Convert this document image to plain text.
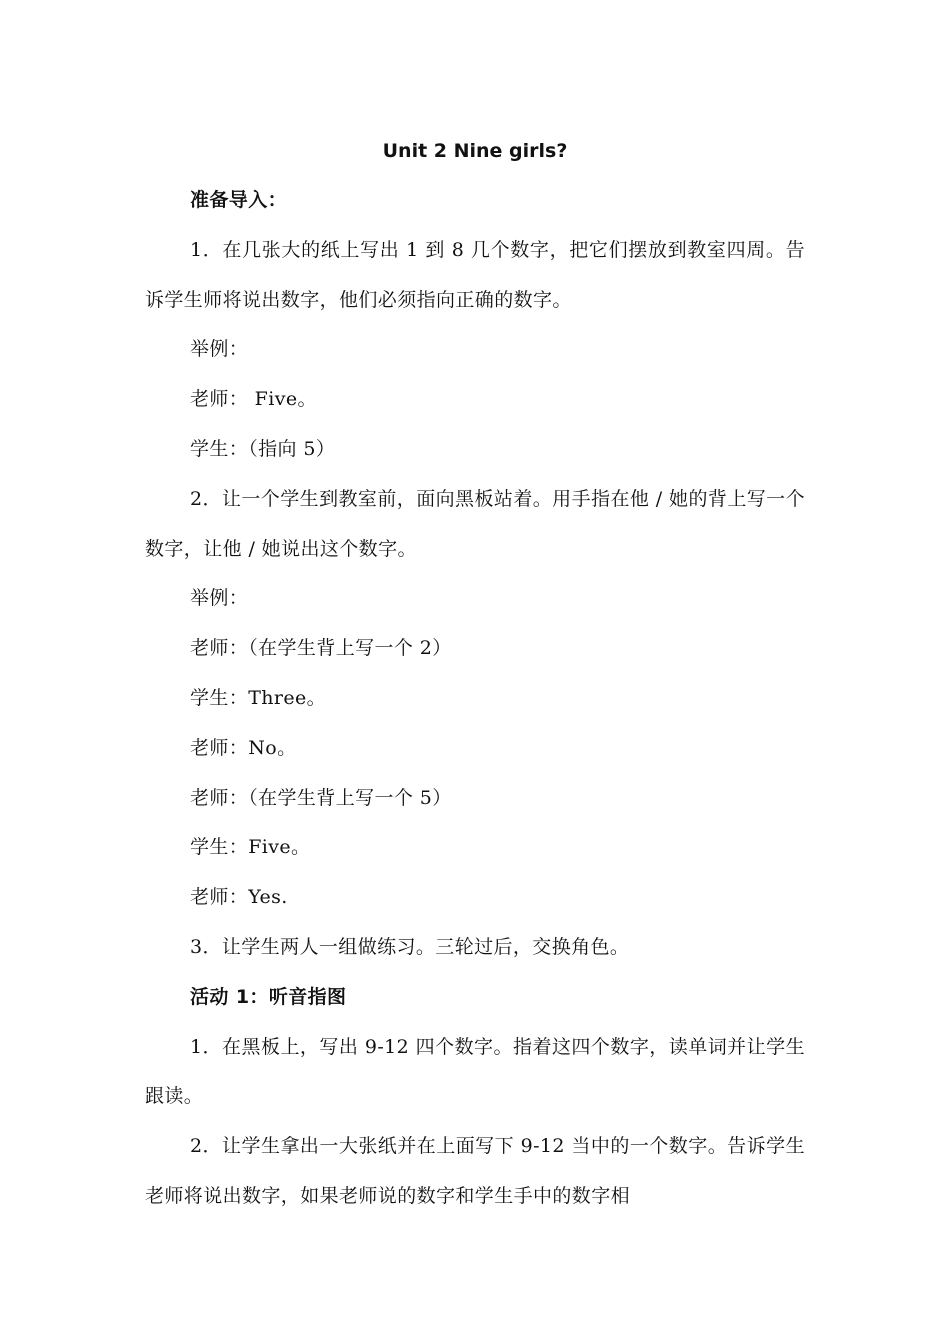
Unit 2 Nine girls?

准备导入：

1．在几张大的纸上写出 1 到 8 几个数字，把它们摆放到教室四周。告诉学生师将说出数字，他们必须指向正确的数字。

举例：

老师： Five。

学生：（指向 5）

2．让一个学生到教室前，面向黑板站着。用手指在他 / 她的背上写一个数字，让他 / 她说出这个数字。

举例：

老师：（在学生背上写一个 2）

学生：Three。

老师：No。

老师：（在学生背上写一个 5）

学生：Five。

老师：Yes.

3．让学生两人一组做练习。三轮过后，交换角色。

活动 1：听音指图

1．在黑板上，写出 9-12 四个数字。指着这四个数字，读单词并让学生跟读。

2．让学生拿出一大张纸并在上面写下 9-12 当中的一个数字。告诉学生老师将说出数字，如果老师说的数字和学生手中的数字相
